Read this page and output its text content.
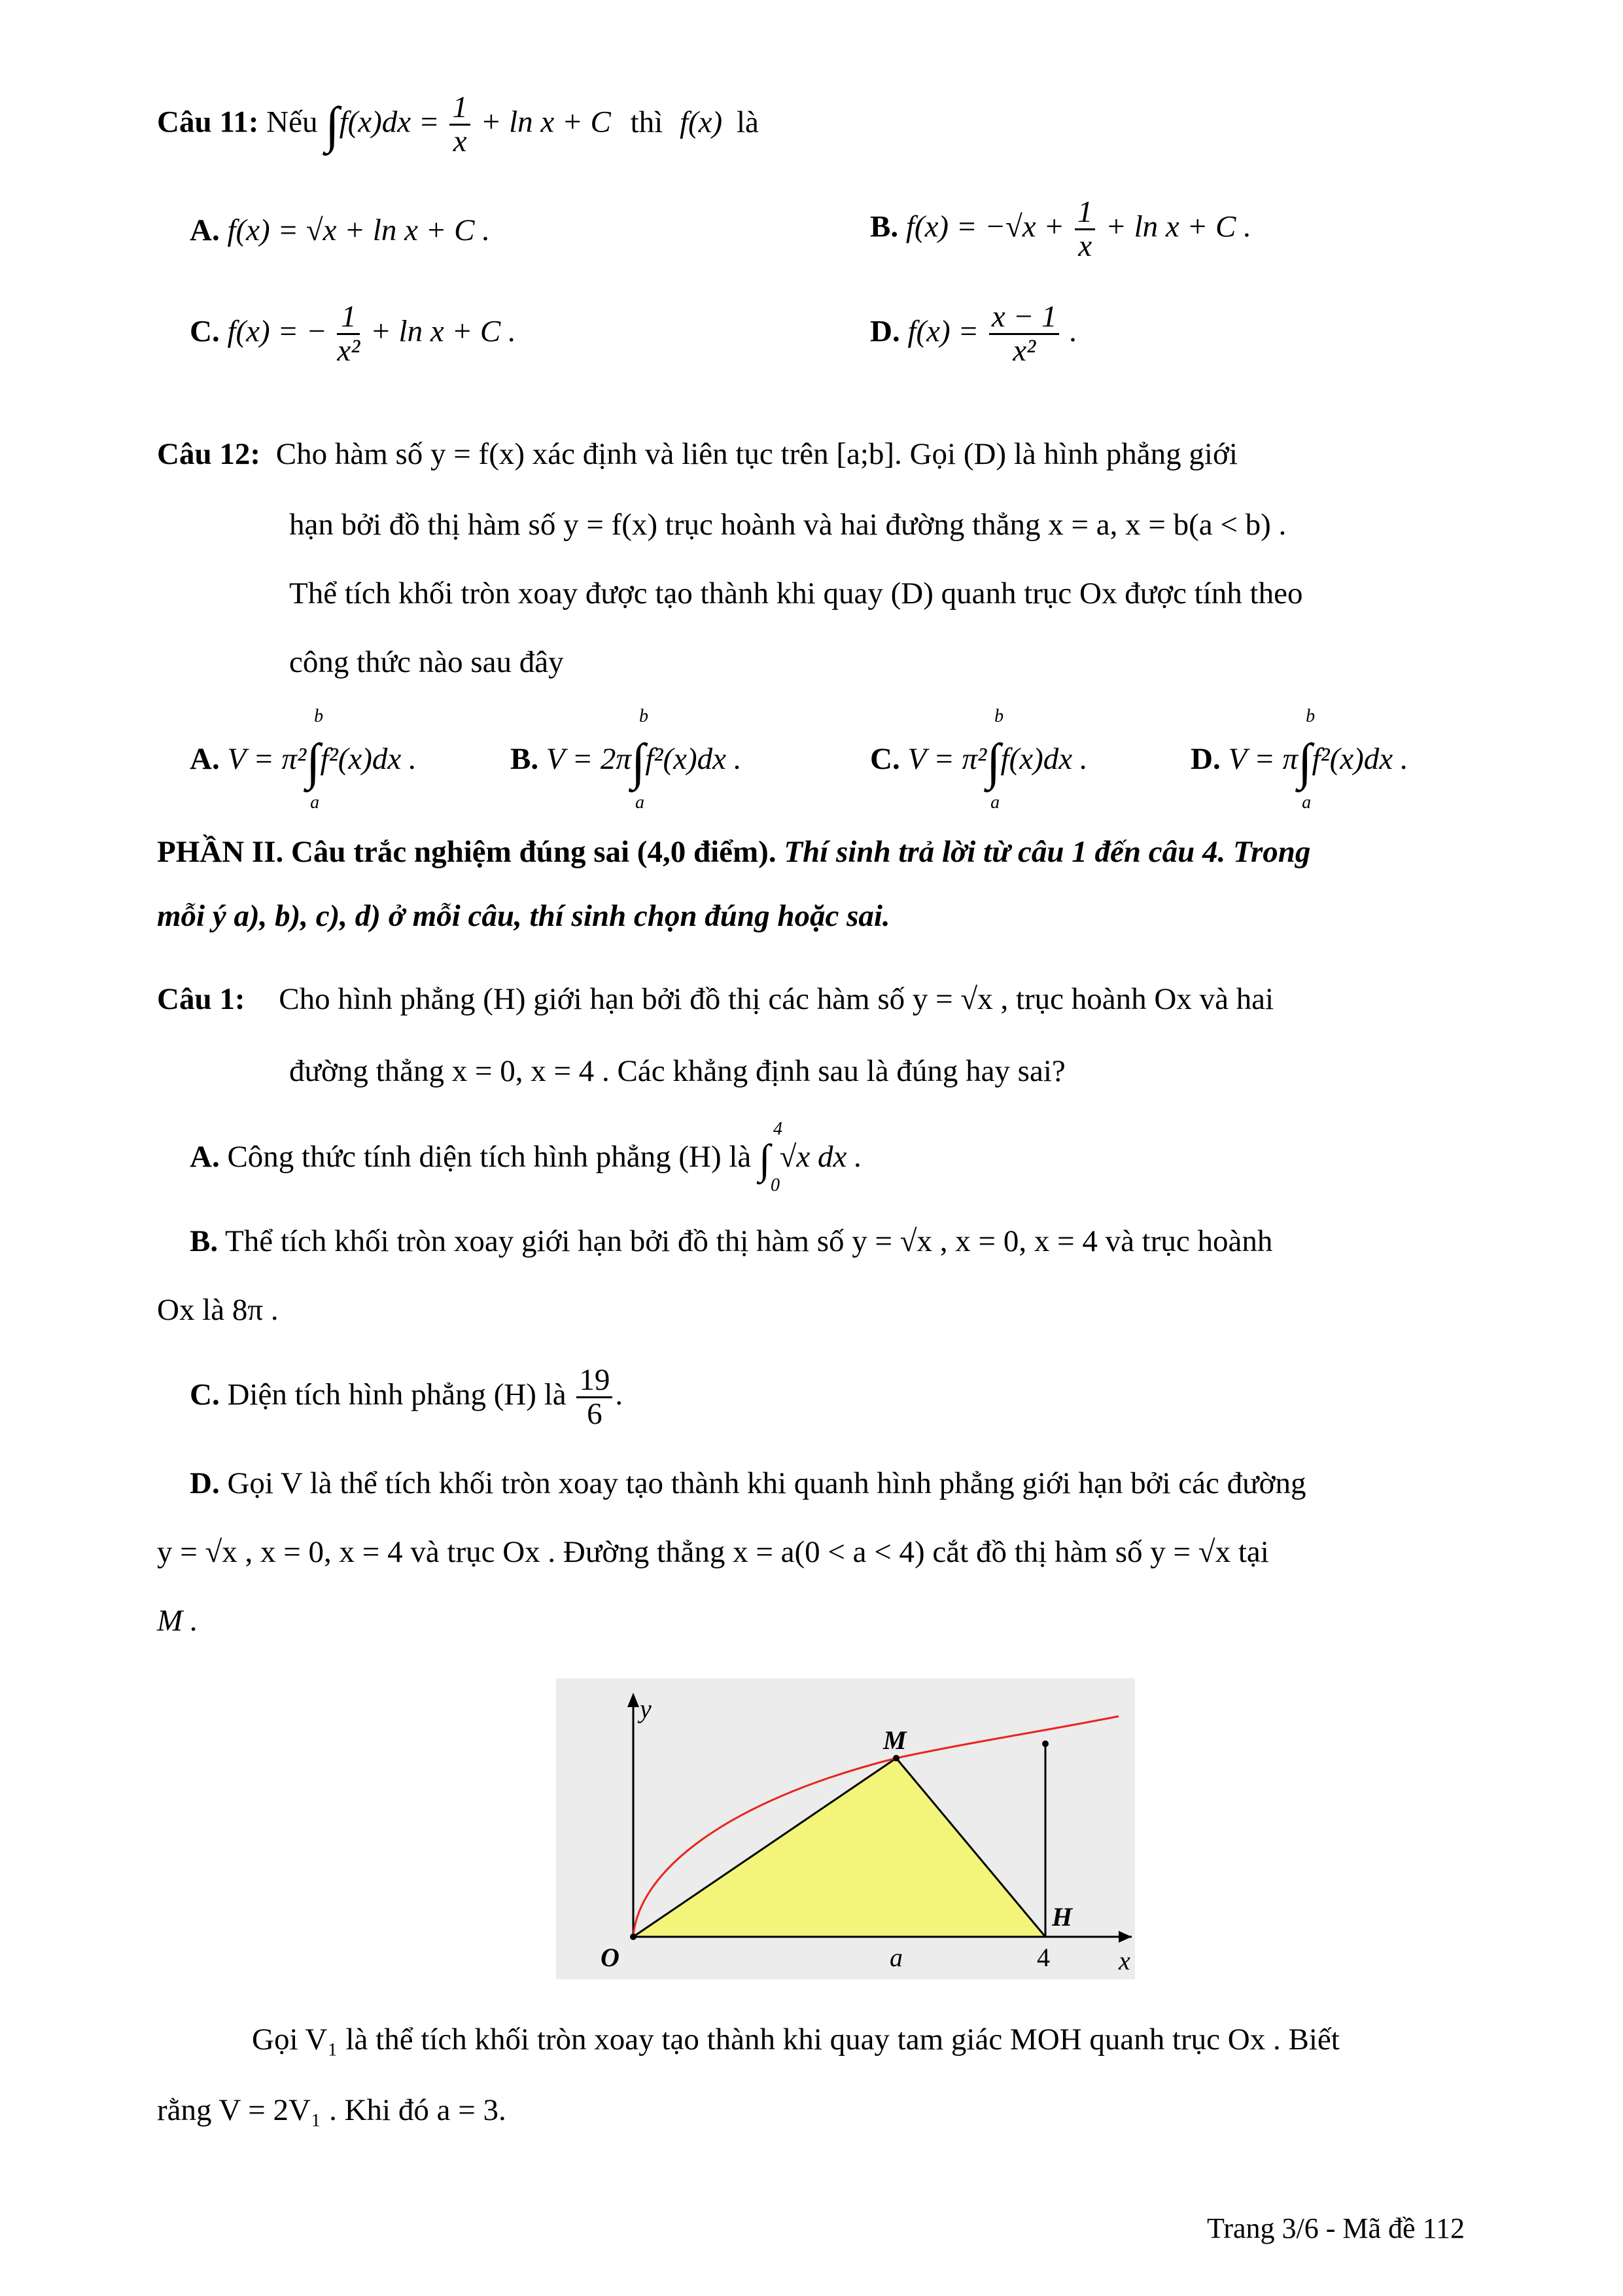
Câu 11: Nếu $\int f(x)dx = \frac{1}{x} + \ln x + C$ thì f(x) là
A. f(x) = √x + ln x + C .	B. $f(x) = -√x + \frac{1}{x} + \ln x + C$ .
C. f(x) = − $\frac{1}{\text{x²}} + \ln x + C$ .	D. $f(x) = \frac{x - 1}{\text{x²}}$ .
Câu 12: Cho hàm số y = f(x) xác định và liên tục trên [a;b]. Gọi (D) là hình phẳng giới
hạn bởi đồ thị hàm số y = f(x) trục hoành và hai đường thẳng x = a, x = b(a < b) .
Thể tích khối tròn xoay được tạo thành khi quay (D) quanh trục Ox được tính theo
công thức nào sau đây
A. V = π²∫
b
a
f²(x)dx .	B. V = 2π∫
b
a
f²(x)dx .	C. V = π²∫
b
a
f(x)dx .	D. V = π∫
b
a
f²(x)dx .
PHẦN II. Câu trắc nghiệm đúng sai (4,0 điểm). Thí sinh trả lời từ câu 1 đến câu 4. Trong
mỗi ý a), b), c), d) ở mỗi câu, thí sinh chọn đúng hoặc sai.
Câu 1: Cho hình phẳng (H) giới hạn bởi đồ thị các hàm số y = √x , trục hoành Ox và hai
đường thẳng x = 0, x = 4 . Các khẳng định sau là đúng hay sai?
A. Công thức tính diện tích hình phẳng (H) là ∫
4
0
√x dx .
B. Thể tích khối tròn xoay giới hạn bởi đồ thị hàm số y = √x , x = 0, x = 4 và trục hoành
Ox là 8π .
C. Diện tích hình phẳng (H) là $\frac{19}{6}$ .
D. Gọi V là thể tích khối tròn xoay tạo thành khi quanh hình phẳng giới hạn bởi các đường
y = √x , x = 0, x = 4 và trục Ox . Đường thẳng x = a(0 < a < 4) cắt đồ thị hàm số y = √x tại
M .
y
x
O	a	4
M
H
Gọi V₁ là thể tích khối tròn xoay tạo thành khi quay tam giác MOH quanh trục Ox . Biết
rằng V = 2V₁ . Khi đó a = 3.
Trang 3/6 - Mã đề 112
